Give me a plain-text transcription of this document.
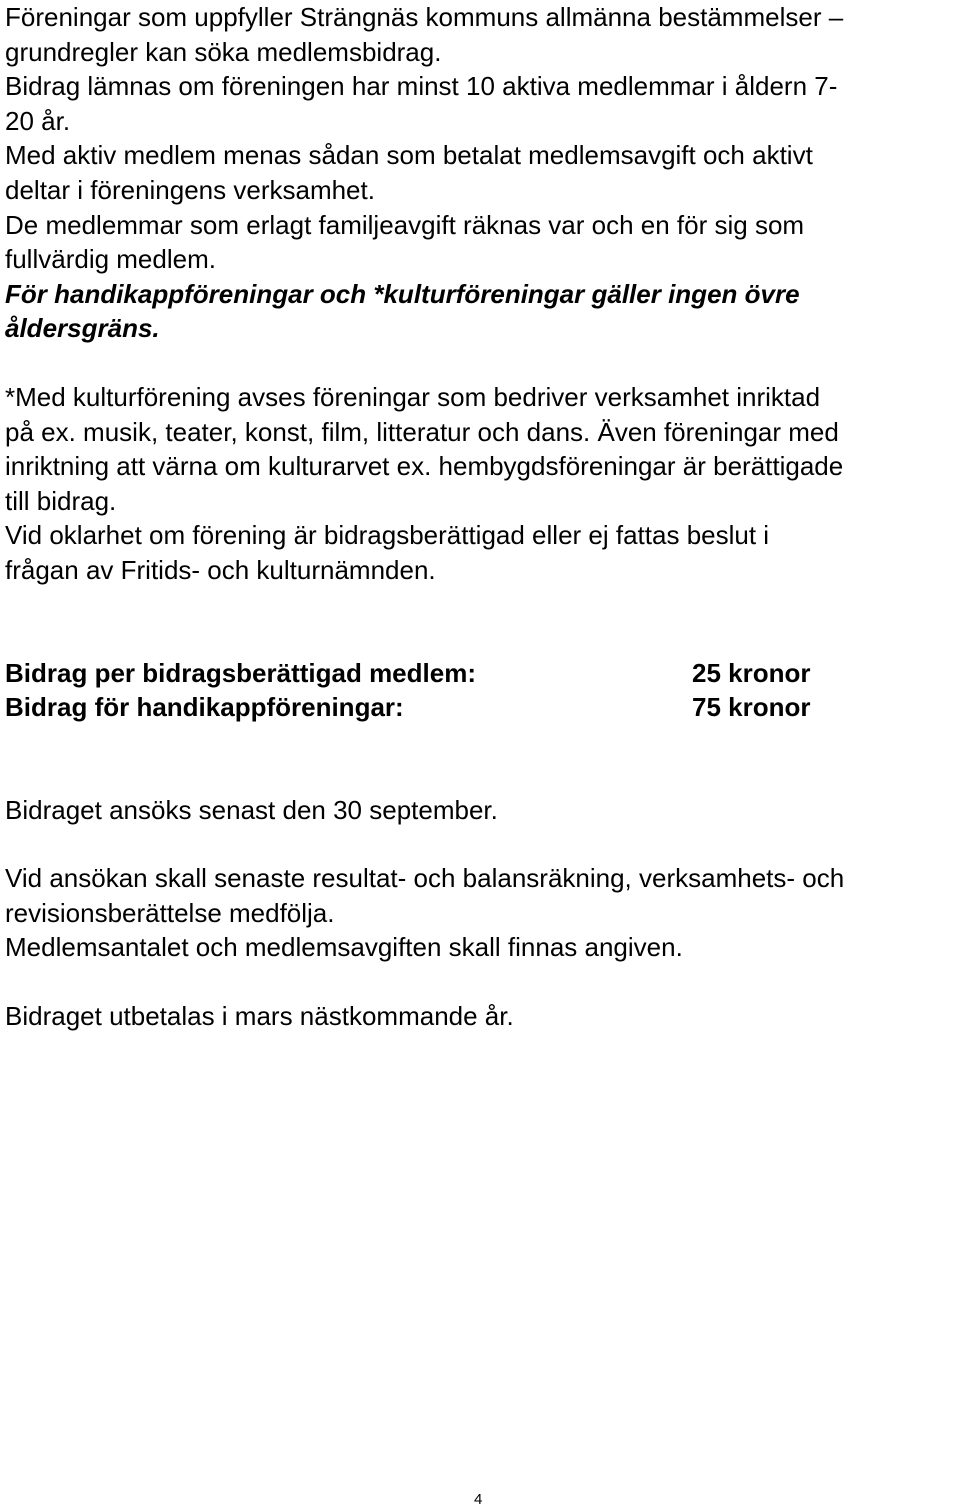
Föreningar som uppfyller Strängnäs kommuns allmänna bestämmelser –
grundregler kan söka medlemsbidrag.
Bidrag lämnas om föreningen har minst 10 aktiva medlemmar i åldern 7-
20 år.
Med aktiv medlem menas sådan som betalat medlemsavgift och aktivt
deltar i föreningens verksamhet.
De medlemmar som erlagt familjeavgift räknas var och en för sig som
fullvärdig medlem.
För handikappföreningar och *kulturföreningar gäller ingen övre
åldersgräns.
*Med kulturförening avses föreningar som bedriver verksamhet inriktad
på ex. musik, teater, konst, film, litteratur och dans. Även föreningar med
inriktning att värna om kulturarvet ex. hembygdsföreningar är berättigade
till bidrag.
Vid oklarhet om förening är bidragsberättigad eller ej fattas beslut i
frågan av Fritids- och kulturnämnden.
Bidrag per bidragsberättigad medlem:	25 kronor
Bidrag för handikappföreningar:	75 kronor
Bidraget ansöks senast den 30 september.
Vid ansökan skall senaste resultat- och balansräkning, verksamhets- och
revisionsberättelse medfölja.
Medlemsantalet och medlemsavgiften skall finnas angiven.
Bidraget utbetalas i mars nästkommande år.
4
